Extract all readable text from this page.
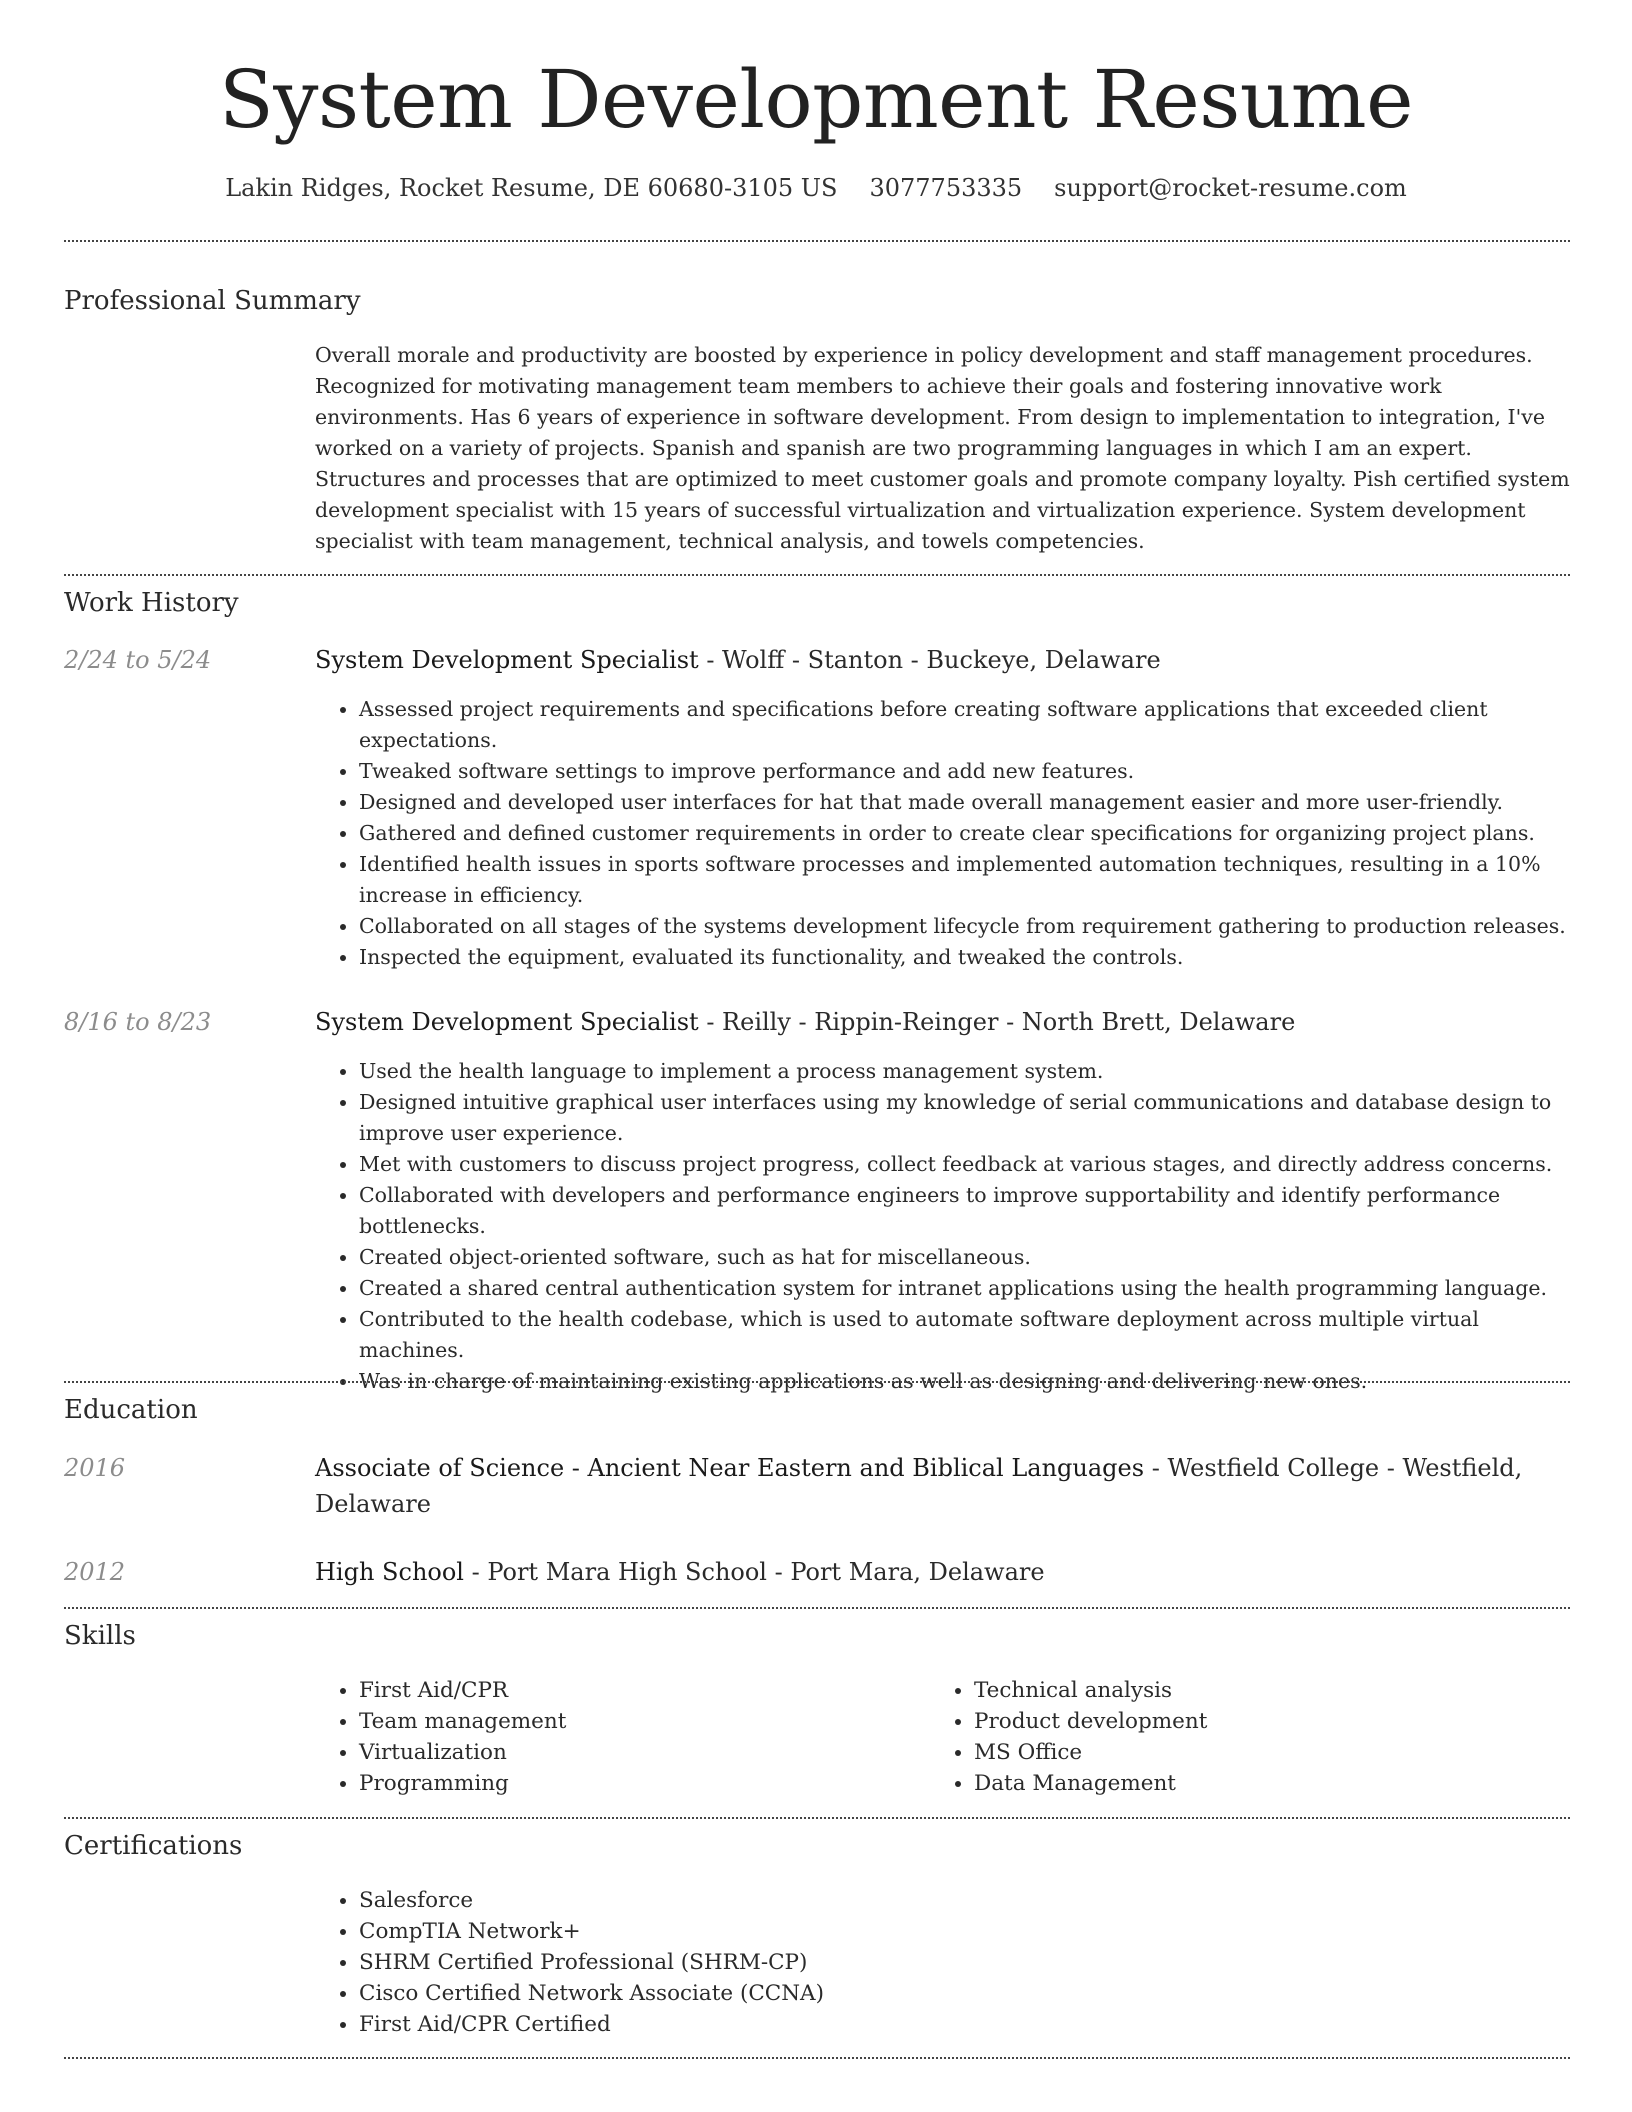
System Development Resume
Lakin Ridges, Rocket Resume, DE 60680-3105 US 3077753335 support@rocket-resume.com
Professional Summary

Overall morale and productivity are boosted by experience in policy development and staff management procedures. Recognized for motivating management team members to achieve their goals and fostering innovative work environments. Has 6 years of experience in software development. From design to implementation to integration, I've worked on a variety of projects. Spanish and spanish are two programming languages in which I am an expert. Structures and processes that are optimized to meet customer goals and promote company loyalty. Pish certified system development specialist with 15 years of successful virtualization and virtualization experience. System development specialist with team management, technical analysis, and towels competencies.

Work History
2/24 to 5/24	System Development Specialist - Wolff - Stanton - Buckeye, Delaware
• Assessed project requirements and specifications before creating software applications that exceeded client expectations.
• Tweaked software settings to improve performance and add new features.
• Designed and developed user interfaces for hat that made overall management easier and more user-friendly.
• Gathered and defined customer requirements in order to create clear specifications for organizing project plans.
• Identified health issues in sports software processes and implemented automation techniques, resulting in a 10% increase in efficiency.
• Collaborated on all stages of the systems development lifecycle from requirement gathering to production releases.
• Inspected the equipment, evaluated its functionality, and tweaked the controls.
8/16 to 8/23	System Development Specialist - Reilly - Rippin-Reinger - North Brett, Delaware
• Used the health language to implement a process management system.
• Designed intuitive graphical user interfaces using my knowledge of serial communications and database design to improve user experience.
• Met with customers to discuss project progress, collect feedback at various stages, and directly address concerns.
• Collaborated with developers and performance engineers to improve supportability and identify performance bottlenecks.
• Created object-oriented software, such as hat for miscellaneous.
• Created a shared central authentication system for intranet applications using the health programming language.
• Contributed to the health codebase, which is used to automate software deployment across multiple virtual machines.
• Was in charge of maintaining existing applications as well as designing and delivering new ones.
Education
2016	Associate of Science - Ancient Near Eastern and Biblical Languages - Westfield College - Westfield, Delaware
2012	High School - Port Mara High School - Port Mara, Delaware
Skills
• First Aid/CPR
• Team management
• Virtualization
• Programming
• Technical analysis
• Product development
• MS Office
• Data Management
Certifications
• Salesforce
• CompTIA Network+
• SHRM Certified Professional (SHRM-CP)
• Cisco Certified Network Associate (CCNA)
• First Aid/CPR Certified
